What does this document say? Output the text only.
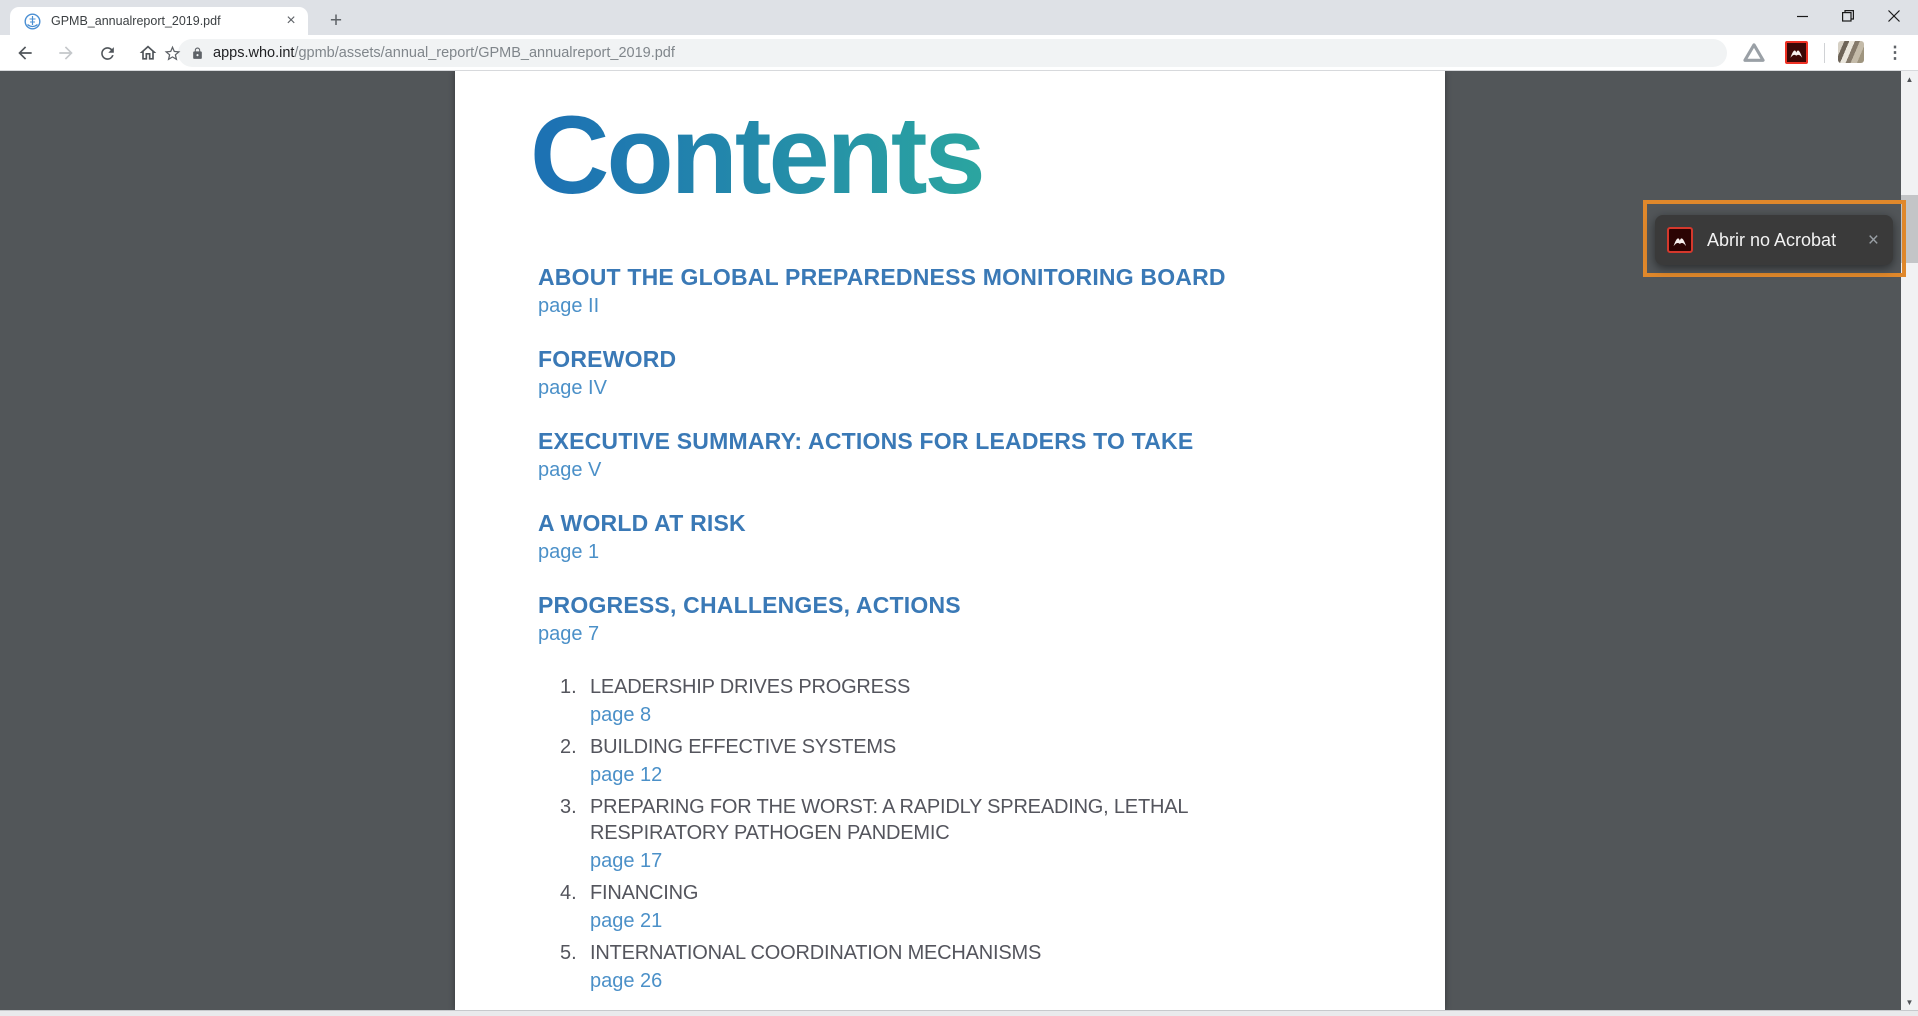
GPMB_annualreport_2019.pdf	×	+
apps.who.int/gpmb/assets/annual_report/GPMB_annualreport_2019.pdf	⋮
Contents
ABOUT THE GLOBAL PREPAREDNESS MONITORING BOARD
page II
FOREWORD
page IV
EXECUTIVE SUMMARY: ACTIONS FOR LEADERS TO TAKE
page V
A WORLD AT RISK
page 1
PROGRESS, CHALLENGES, ACTIONS
page 7
1. LEADERSHIP DRIVES PROGRESS
page 8
2. BUILDING EFFECTIVE SYSTEMS
page 12
3. PREPARING FOR THE WORST: A RAPIDLY SPREADING, LETHAL RESPIRATORY PATHOGEN PANDEMIC
page 17
4. FINANCING
page 21
5. INTERNATIONAL COORDINATION MECHANISMS
page 26
▲
▼
Abrir no Acrobat	×
